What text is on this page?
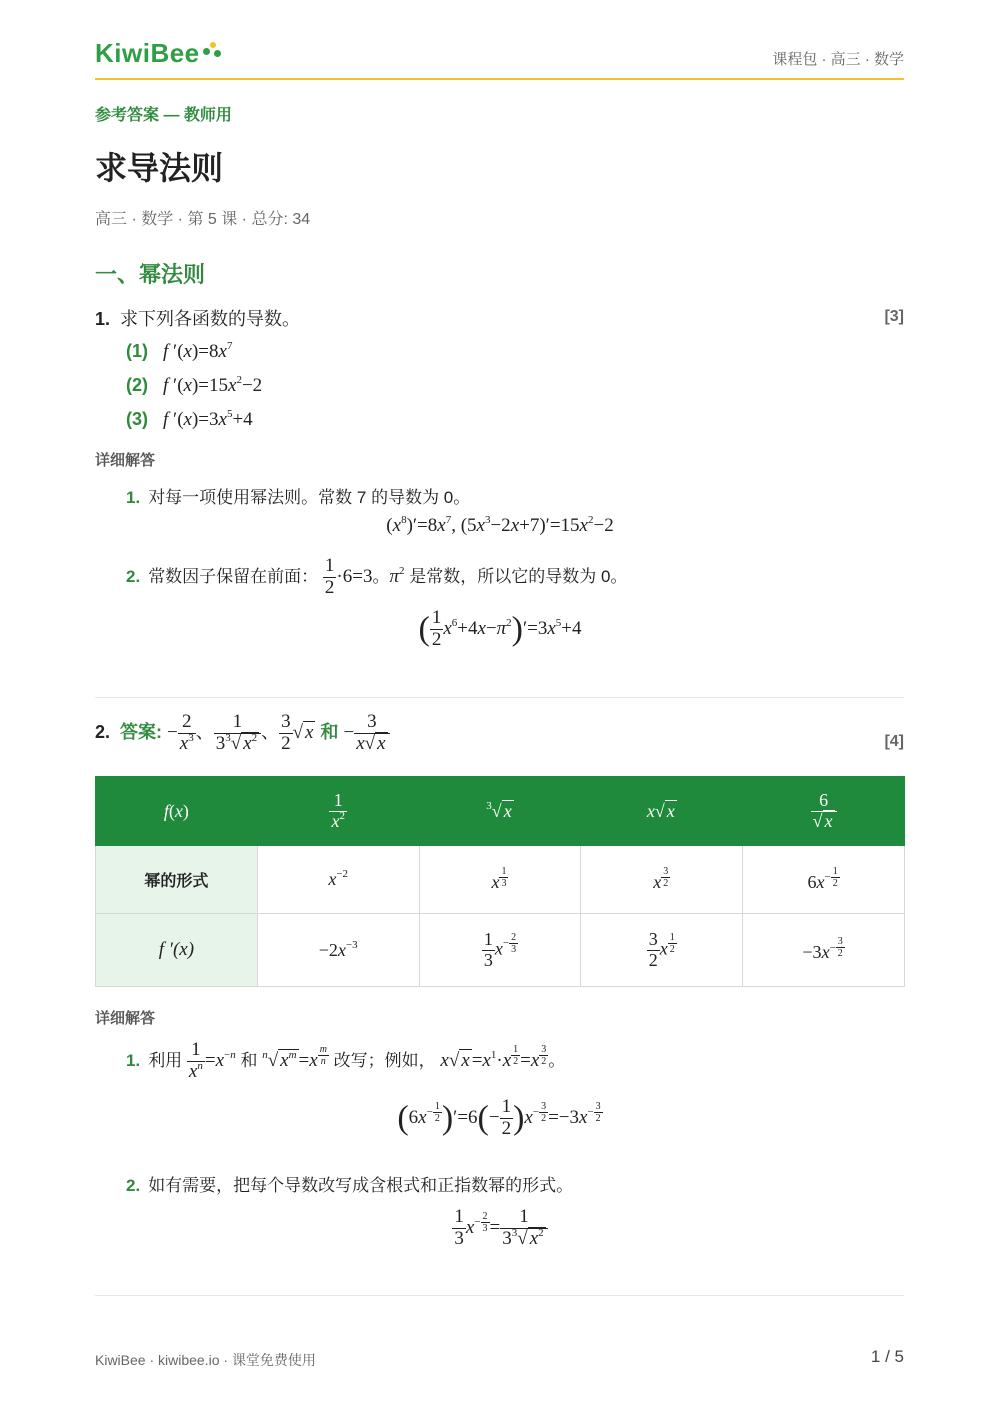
KiwiBee	课程包 · 高三 · 数学
参考答案 — 教师用
求导法则
高三 · 数学 · 第 5 课 · 总分: 34
一、幂法则
1. 求下列各函数的导数。	[3]
(1) f $'(x)=8x^7$
(2) f $'(x)=15x^2-2$
(3) f $'(x)=3x^5+4$
详细解答
1. 对每一项使用幂法则。常数 7 的导数为 0。
$(x^8)'=8x^7$, $(5x^3-2x+7)'=15x^2-2$
2. 常数因子保留在前面： $\frac{1}{2} \cdot 6=3$。$\pi^2$ 是常数，所以它的导数为 0。
( $\frac{1}{2} x^6+4x-\pi^2)'=3x^5+4$
2. 答案: − $\frac{2}{x^3}$ 、 $\frac{1}{3^3√ x^2}$ 、 $\frac{3}{2}$ √ x 和 − $\frac{3}{x√ x}$	[4]
f(x)	$\frac{1}{x^2}$	$^3$√ x	x√ x	$\frac{6}{√ x}$

幂的形式	$x^{-2}$	x $^{\frac{1}{3}}$	x $^{\frac{3}{2}}$	$6x^{- \frac{1}{2}}$

f ′(x)	$-2x^{-3}$	$\frac{1}{3} x^{- \frac{2}{3}}$	$\frac{3}{2}$ x $^{\frac{1}{2}}$	$-3x^{- \frac{3}{2}}$
详细解答
1. 利用 $\frac{1}{x^n} =x^{-n}$ 和 $^n$√ $x^m =x$ $^{\frac{m}{n}}$ 改写；例如， x√ $x =x^1\cdot x$ $^{\frac{1}{2}}$ =x $^{\frac{3}{2}}$ 。
($6x^{- \frac{1}{2}}$ )$'=6(- \frac{1}{2} )x^{- \frac{3}{2}} =-3x^{- \frac{3}{2}}$
2. 如有需要，把每个导数改写成含根式和正指数幂的形式。
$\frac{1}{3} x^{- \frac{2}{3}} = \frac{1}{3^3√ x^2}$
KiwiBee · kiwibee.io · 课堂免费使用	1 / 5
